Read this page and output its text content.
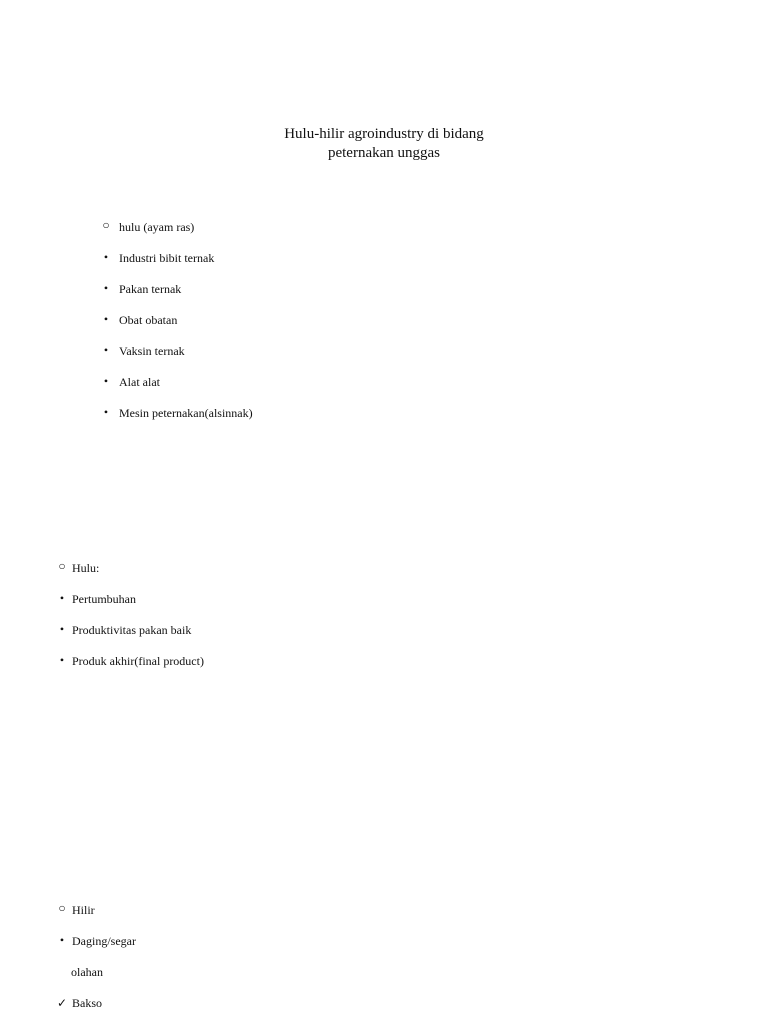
Hulu-hilir agroindustry di bidang
peternakan unggas
○ hulu (ayam ras)
• Industri bibit ternak
• Pakan ternak
• Obat obatan
• Vaksin ternak
• Alat alat
• Mesin peternakan(alsinnak)
○ Hulu:
• Pertumbuhan
• Produktivitas pakan baik
• Produk akhir(final product)
○ Hilir
• Daging/segar
olahan
✓ Bakso
